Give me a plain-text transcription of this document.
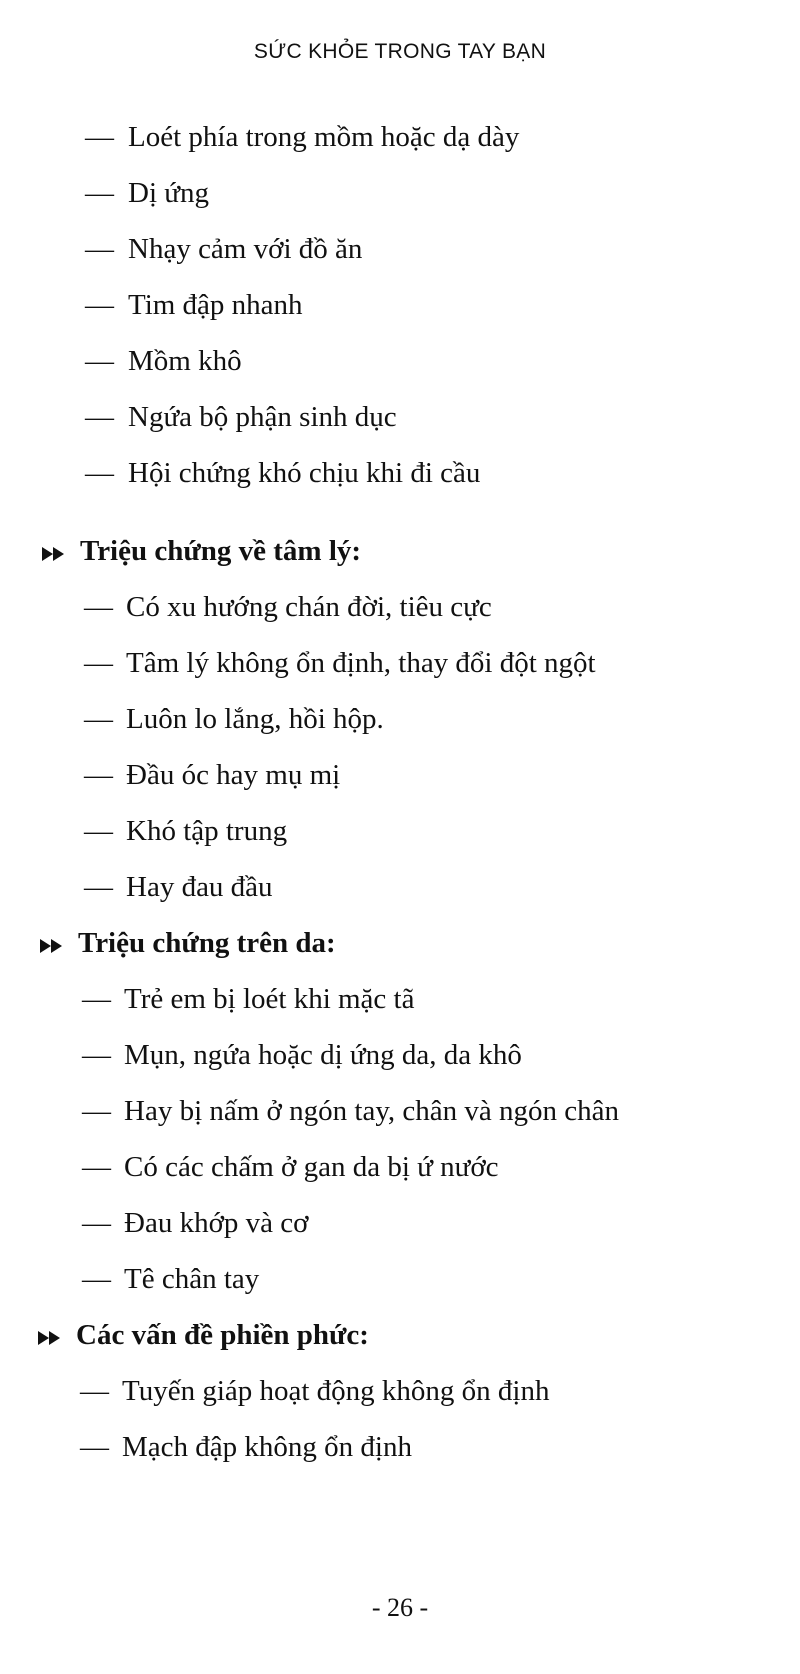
SỨC KHỎE TRONG TAY BẠN
— Loét phía trong mồm hoặc dạ dày
— Dị ứng
— Nhạy cảm với đồ ăn
— Tim đập nhanh
— Mồm khô
— Ngứa bộ phận sinh dục
— Hội chứng khó chịu khi đi cầu
Triệu chứng về tâm lý:
— Có xu hướng chán đời, tiêu cực
— Tâm lý không ổn định, thay đổi đột ngột
— Luôn lo lắng, hồi hộp.
— Đầu óc hay mụ mị
— Khó tập trung
— Hay đau đầu
Triệu chứng trên da:
— Trẻ em bị loét khi mặc tã
— Mụn, ngứa hoặc dị ứng da, da khô
— Hay bị nấm ở ngón tay, chân và ngón chân
— Có các chấm ở gan da bị ứ nước
— Đau khớp và cơ
— Tê chân tay
Các vấn đề phiền phức:
— Tuyến giáp hoạt động không ổn định
— Mạch đập không ổn định
- 26 -
